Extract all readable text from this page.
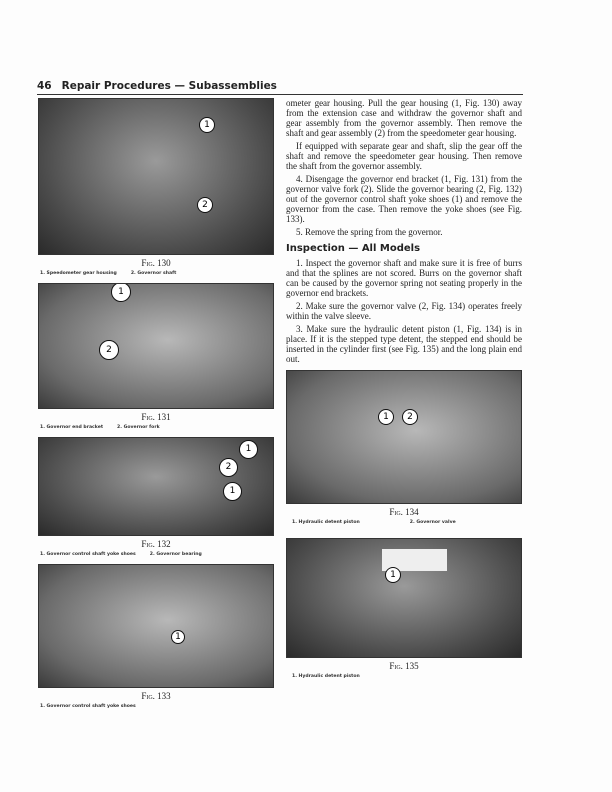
46 Repair Procedures — Subassemblies
1
2
Fig. 130
1. Speedometer gear housing	2. Governor shaft
1
2
Fig. 131
1. Governor end bracket	2. Governor fork
1
2
1
Fig. 132
1. Governor control shaft yoke shoes	2. Governor bearing
1
Fig. 133
1. Governor control shaft yoke shoes

ometer gear housing. Pull the gear housing (1, Fig. 130) away from the extension case and withdraw the governor shaft and gear assembly from the governor assembly. Then remove the shaft and gear assembly (2) from the speedometer gear housing.

If equipped with separate gear and shaft, slip the gear off the shaft and remove the speedometer gear housing. Then remove the shaft from the governor assembly.

4. Disengage the governor end bracket (1, Fig. 131) from the governor valve fork (2). Slide the governor bearing (2, Fig. 132) out of the governor control shaft yoke shoes (1) and remove the governor from the case. Then remove the yoke shoes (see Fig. 133).

5. Remove the spring from the governor.

Inspection — All Models

1. Inspect the governor shaft and make sure it is free of burrs and that the splines are not scored. Burrs on the governor shaft can be caused by the governor spring not seating properly in the governor end brackets.

2. Make sure the governor valve (2, Fig. 134) operates freely within the valve sleeve.

3. Make sure the hydraulic detent piston (1, Fig. 134) is in place. If it is the stepped type detent, the stepped end should be inserted in the cylinder first (see Fig. 135) and the long plain end out.

1	2
Fig. 134
1. Hydraulic detent piston	2. Governor valve
1
Fig. 135
1. Hydraulic detent piston
